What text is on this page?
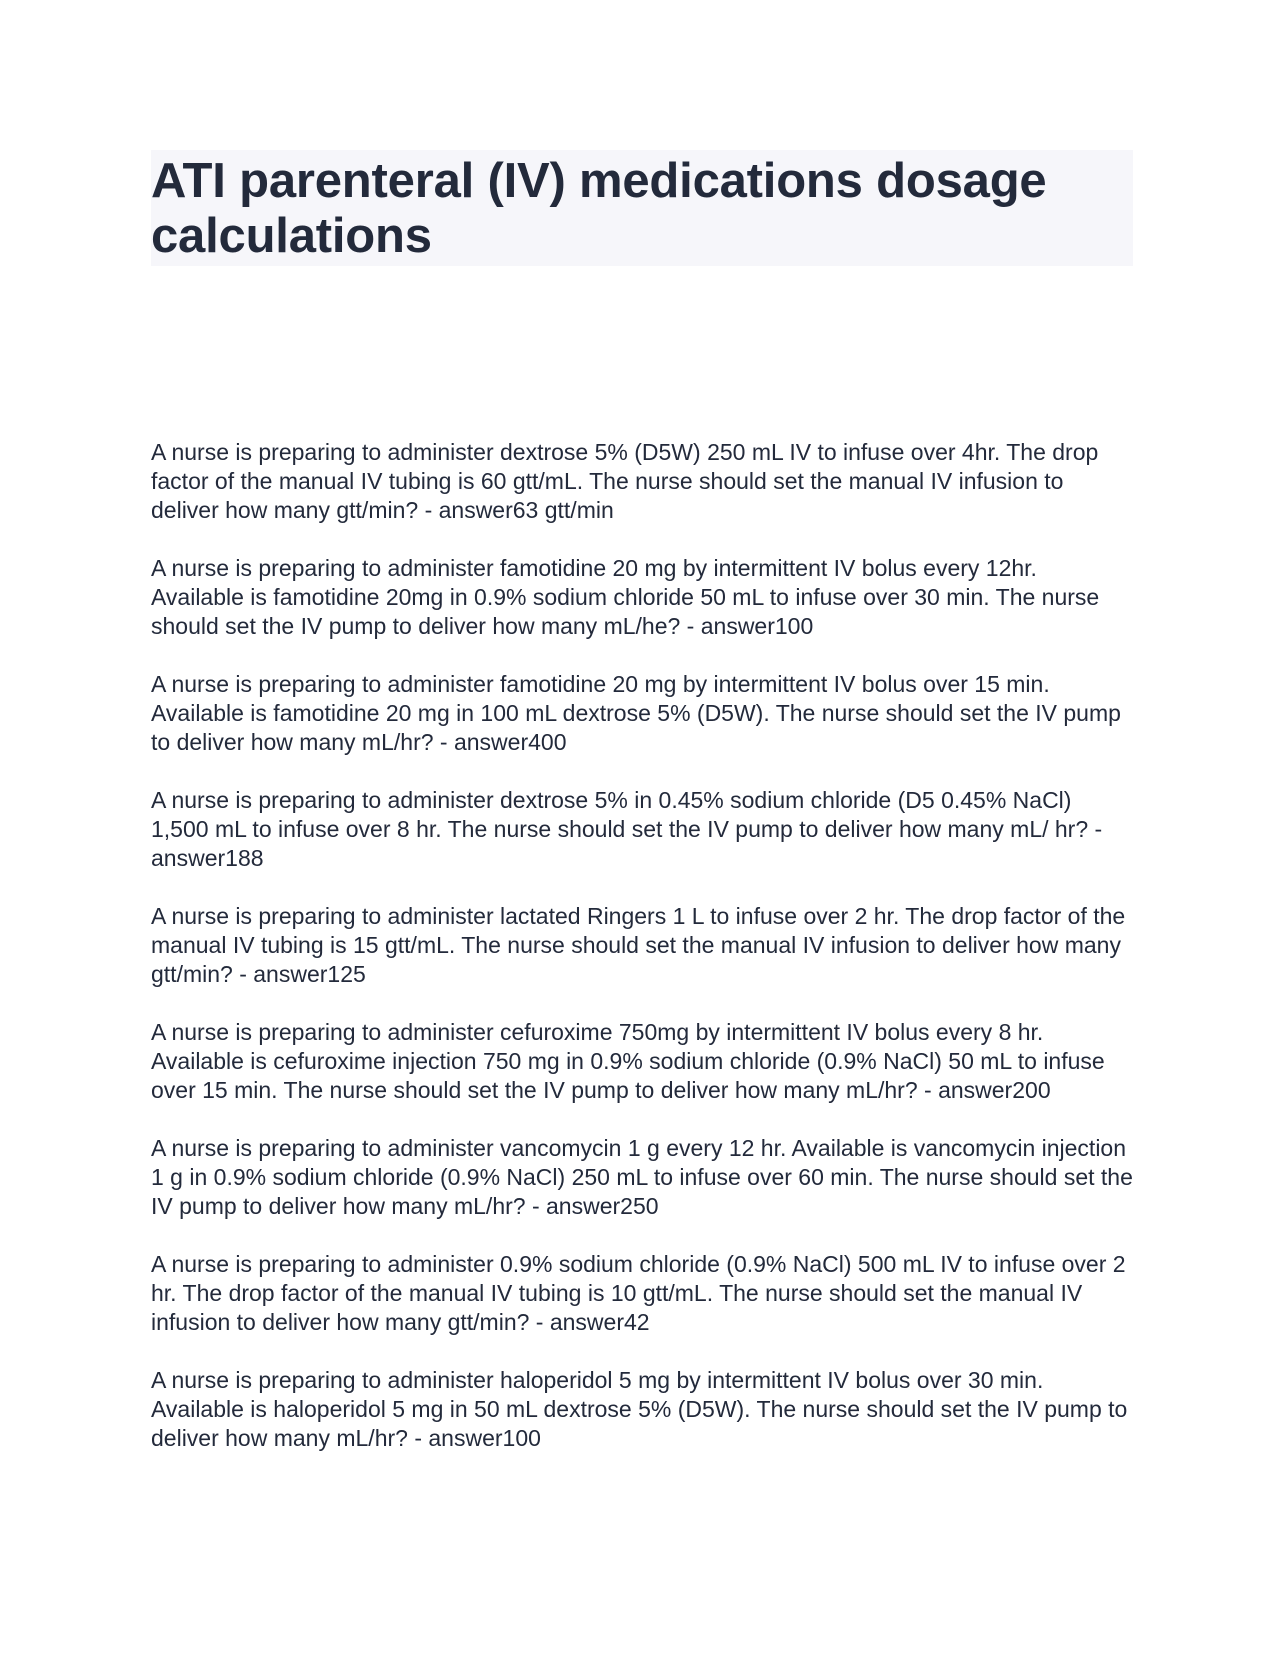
ATI parenteral (IV) medications dosage calculations

A nurse is preparing to administer dextrose 5% (D5W) 250 mL IV to infuse over 4hr. The drop factor of the manual IV tubing is 60 gtt/mL. The nurse should set the manual IV infusion to deliver how many gtt/min? - answer63 gtt/min

A nurse is preparing to administer famotidine 20 mg by intermittent IV bolus every 12hr. Available is famotidine 20mg in 0.9% sodium chloride 50 mL to infuse over 30 min. The nurse should set the IV pump to deliver how many mL/he? - answer100

A nurse is preparing to administer famotidine 20 mg by intermittent IV bolus over 15 min. Available is famotidine 20 mg in 100 mL dextrose 5% (D5W). The nurse should set the IV pump to deliver how many mL/hr? - answer400

A nurse is preparing to administer dextrose 5% in 0.45% sodium chloride (D5 0.45% NaCl) 1,500 mL to infuse over 8 hr. The nurse should set the IV pump to deliver how many mL/ hr? - answer188

A nurse is preparing to administer lactated Ringers 1 L to infuse over 2 hr. The drop factor of the manual IV tubing is 15 gtt/mL. The nurse should set the manual IV infusion to deliver how many gtt/min? - answer125

A nurse is preparing to administer cefuroxime 750mg by intermittent IV bolus every 8 hr. Available is cefuroxime injection 750 mg in 0.9% sodium chloride (0.9% NaCl) 50 mL to infuse over 15 min. The nurse should set the IV pump to deliver how many mL/hr? - answer200

A nurse is preparing to administer vancomycin 1 g every 12 hr. Available is vancomycin injection 1 g in 0.9% sodium chloride (0.9% NaCl) 250 mL to infuse over 60 min. The nurse should set the IV pump to deliver how many mL/hr? - answer250

A nurse is preparing to administer 0.9% sodium chloride (0.9% NaCl) 500 mL IV to infuse over 2 hr. The drop factor of the manual IV tubing is 10 gtt/mL. The nurse should set the manual IV infusion to deliver how many gtt/min? - answer42

A nurse is preparing to administer haloperidol 5 mg by intermittent IV bolus over 30 min. Available is haloperidol 5 mg in 50 mL dextrose 5% (D5W). The nurse should set the IV pump to deliver how many mL/hr? - answer100
